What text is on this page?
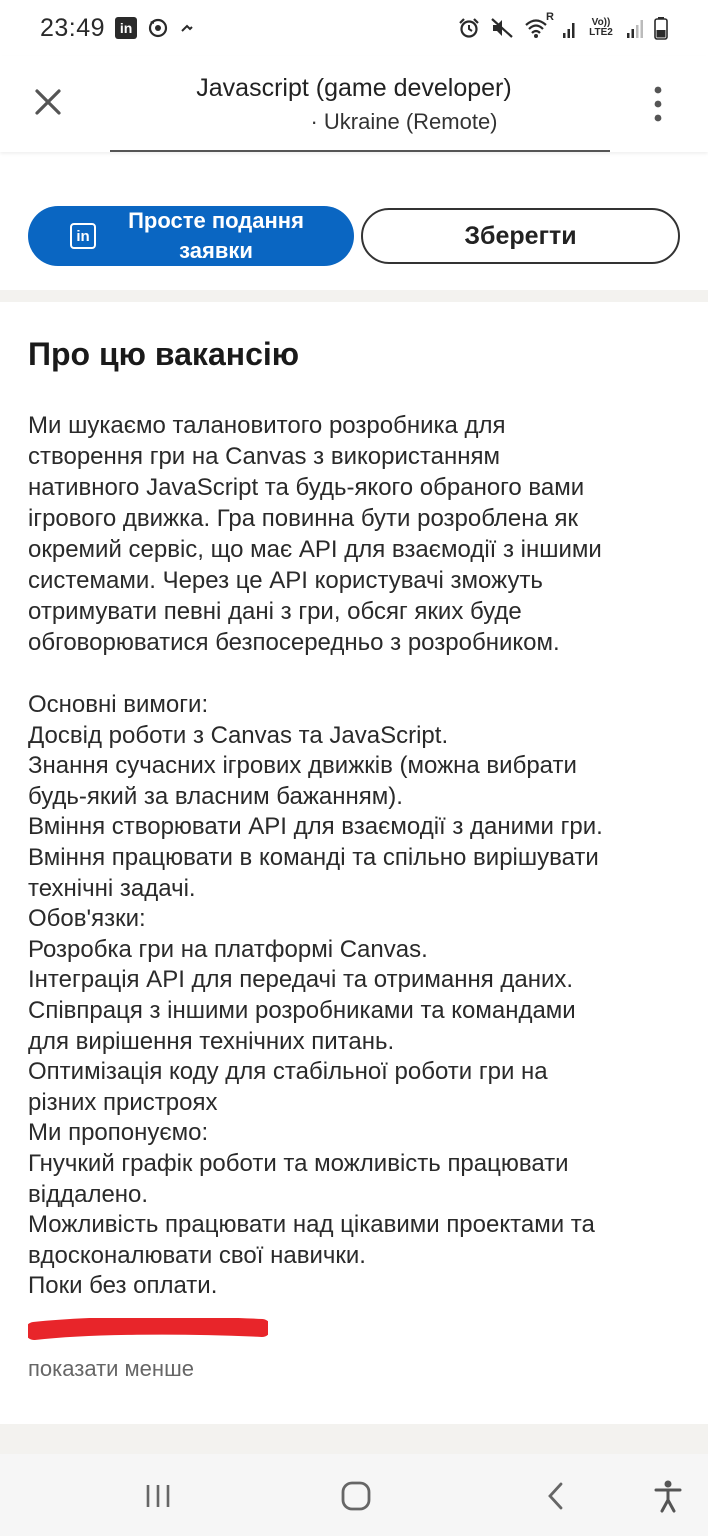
23:49	in
R	Vo)) LTE2
Javascript (game developer)
· Ukraine (Remote)
in
Просте подання заявки
Зберегти
Про цю вакансію
Ми шукаємо талановитого розробника для
створення гри на Canvas з використанням
нативного JavaScript та будь-якого обраного вами
ігрового движка. Гра повинна бути розроблена як
окремий сервіс, що має API для взаємодії з іншими
системами. Через це API користувачі зможуть
отримувати певні дані з гри, обсяг яких буде
обговорюватися безпосередньо з розробником.
Основні вимоги:
Досвід роботи з Canvas та JavaScript.
Знання сучасних ігрових движків (можна вибрати
будь-який за власним бажанням).
Вміння створювати API для взаємодії з даними гри.
Вміння працювати в команді та спільно вирішувати
технічні задачі.
Обов'язки:
Розробка гри на платформі Canvas.
Інтеграція API для передачі та отримання даних.
Співпраця з іншими розробниками та командами
для вирішення технічних питань.
Оптимізація коду для стабільної роботи гри на
різних пристроях
Ми пропонуємо:
Гнучкий графік роботи та можливість працювати
віддалено.
Можливість працювати над цікавими проектами та
вдосконалювати свої навички.
Поки без оплати.
показати менше
